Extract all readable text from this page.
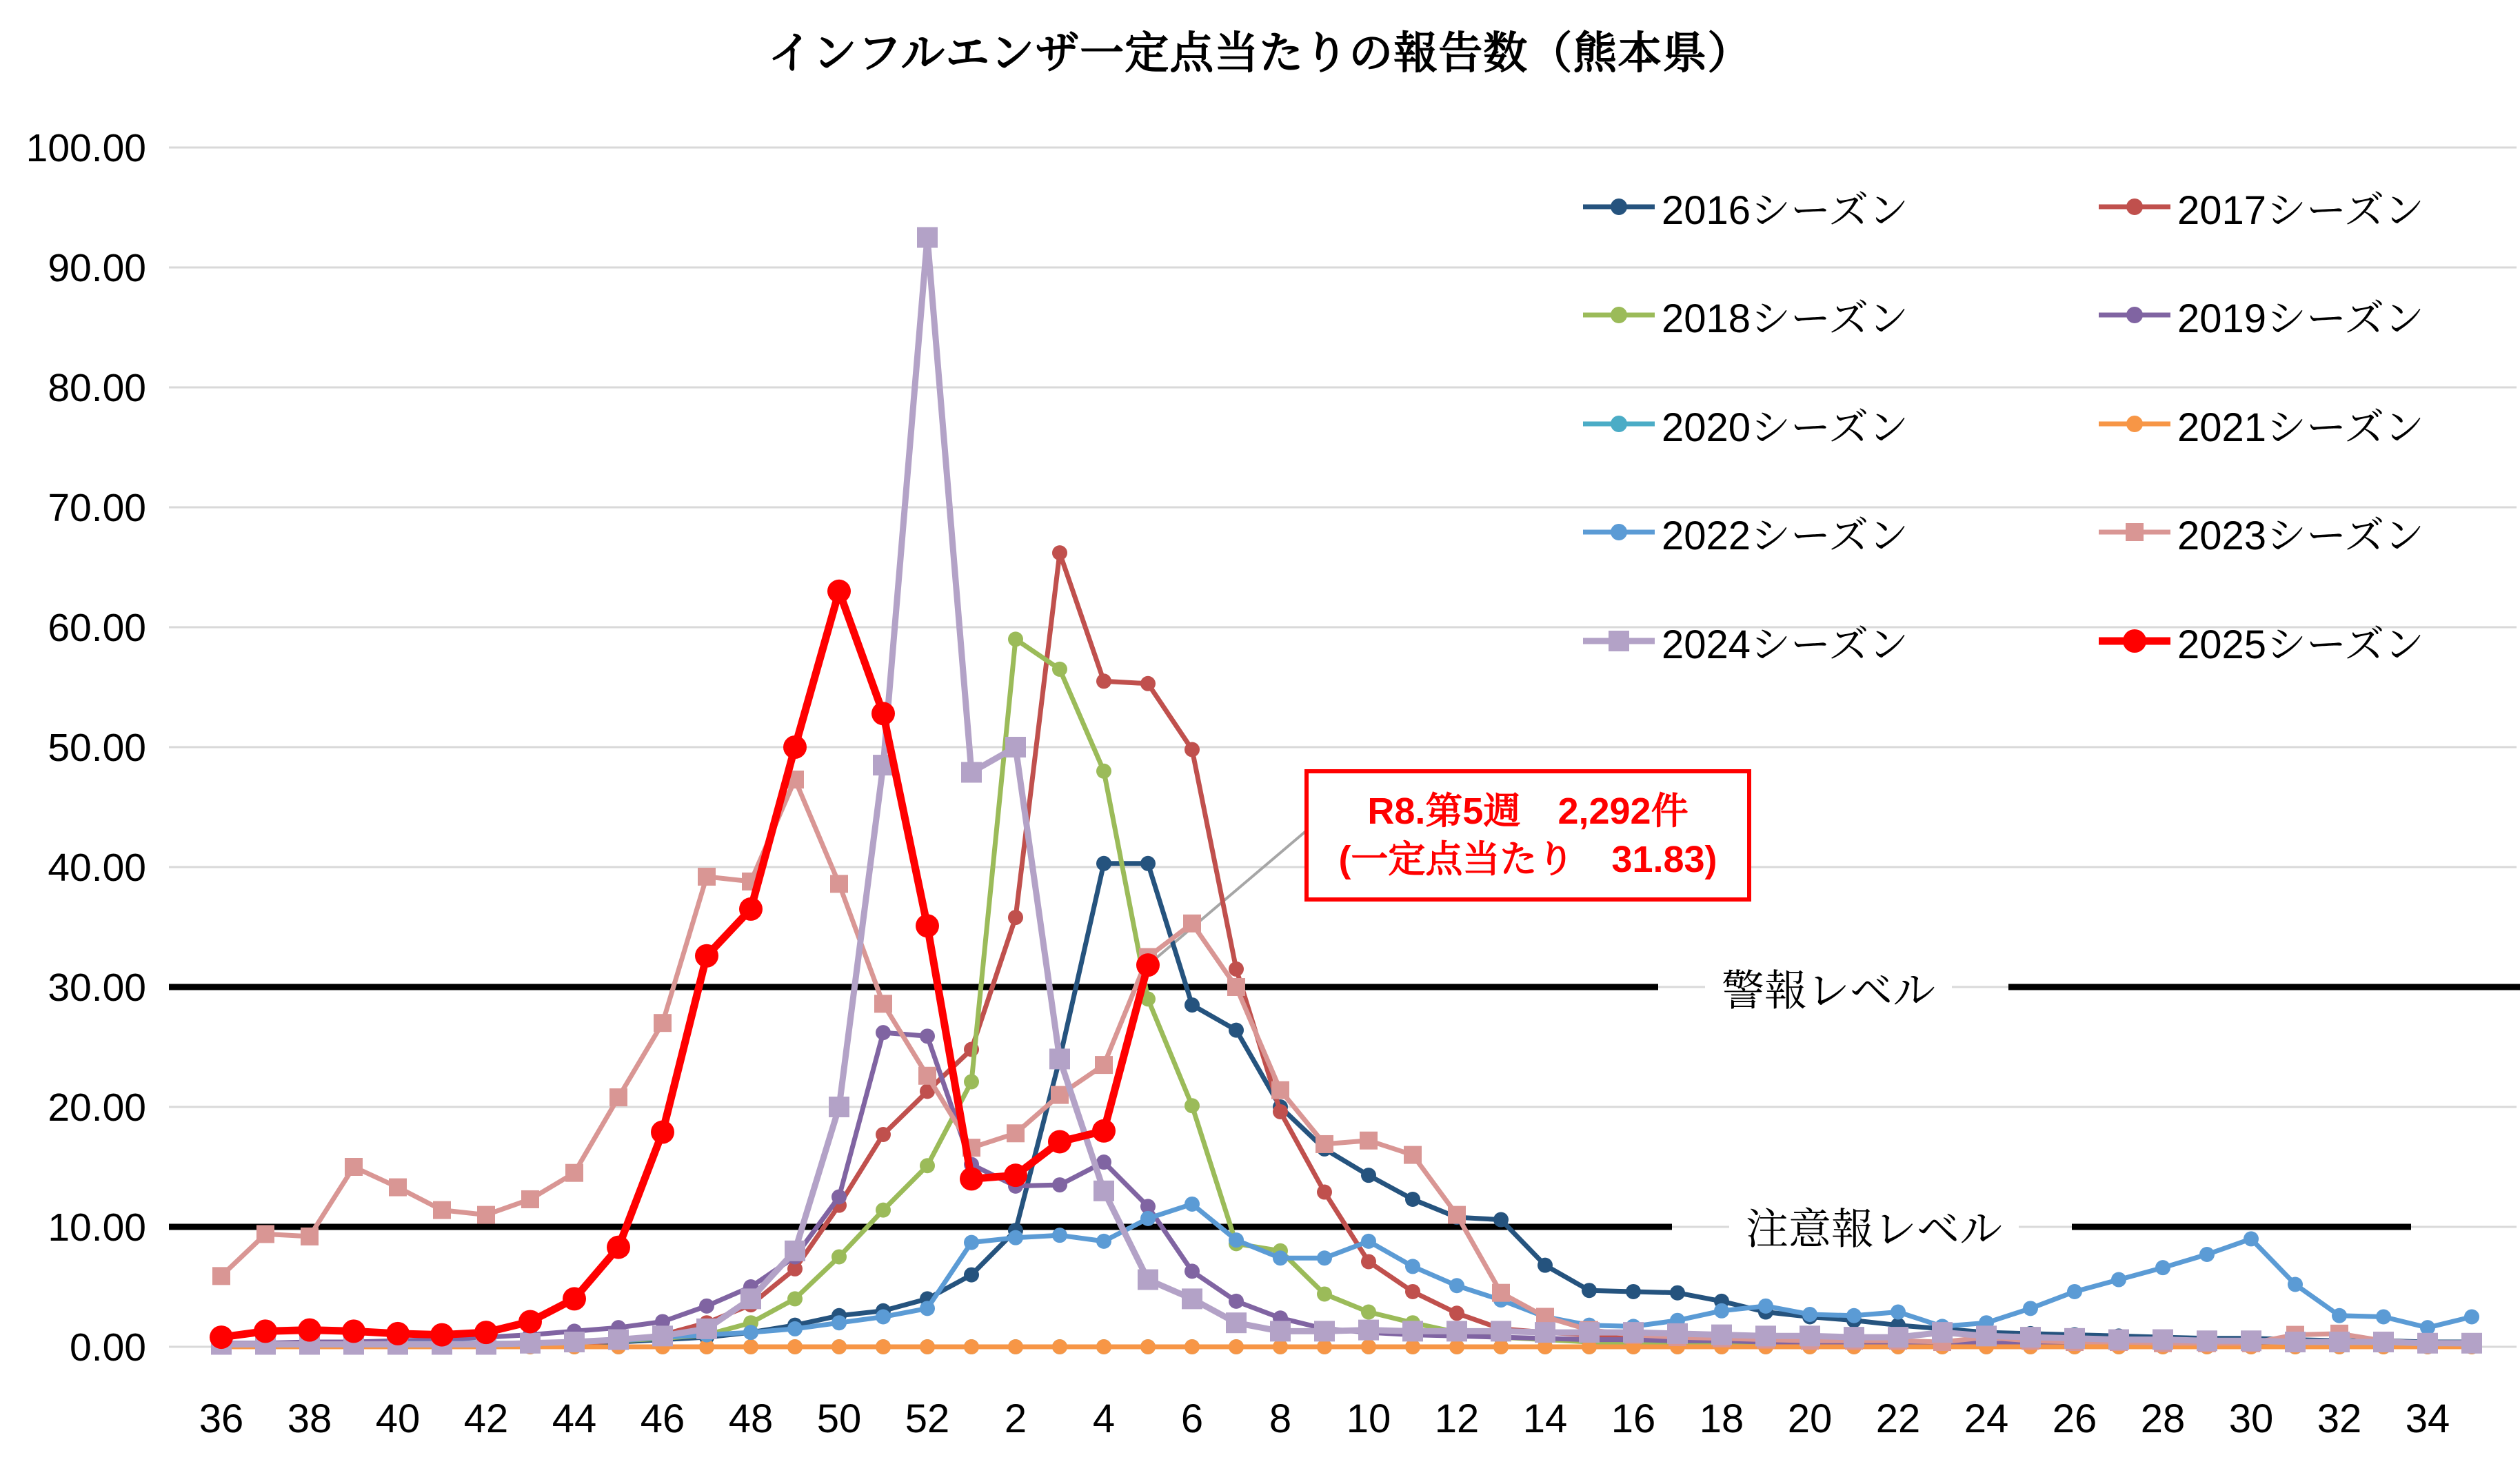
インフルエンザ一定点当たりの報告数（熊本県）
0.00
10.00
20.00
30.00
40.00
50.00
60.00
70.00
80.00
90.00
100.00
36 38 40 42 44 46 48 50 52 2 4 6 8 10 12 14 16 18 20 22 24 26 28 30 32 34
警報レベル
注意報レベル
R8.第5週　2,292件
(一定点当たり　31.83)
2016シーズン	2017シーズン
2018シーズン	2019シーズン
2020シーズン	2021シーズン
2022シーズン	2023シーズン
2024シーズン	2025シーズン
